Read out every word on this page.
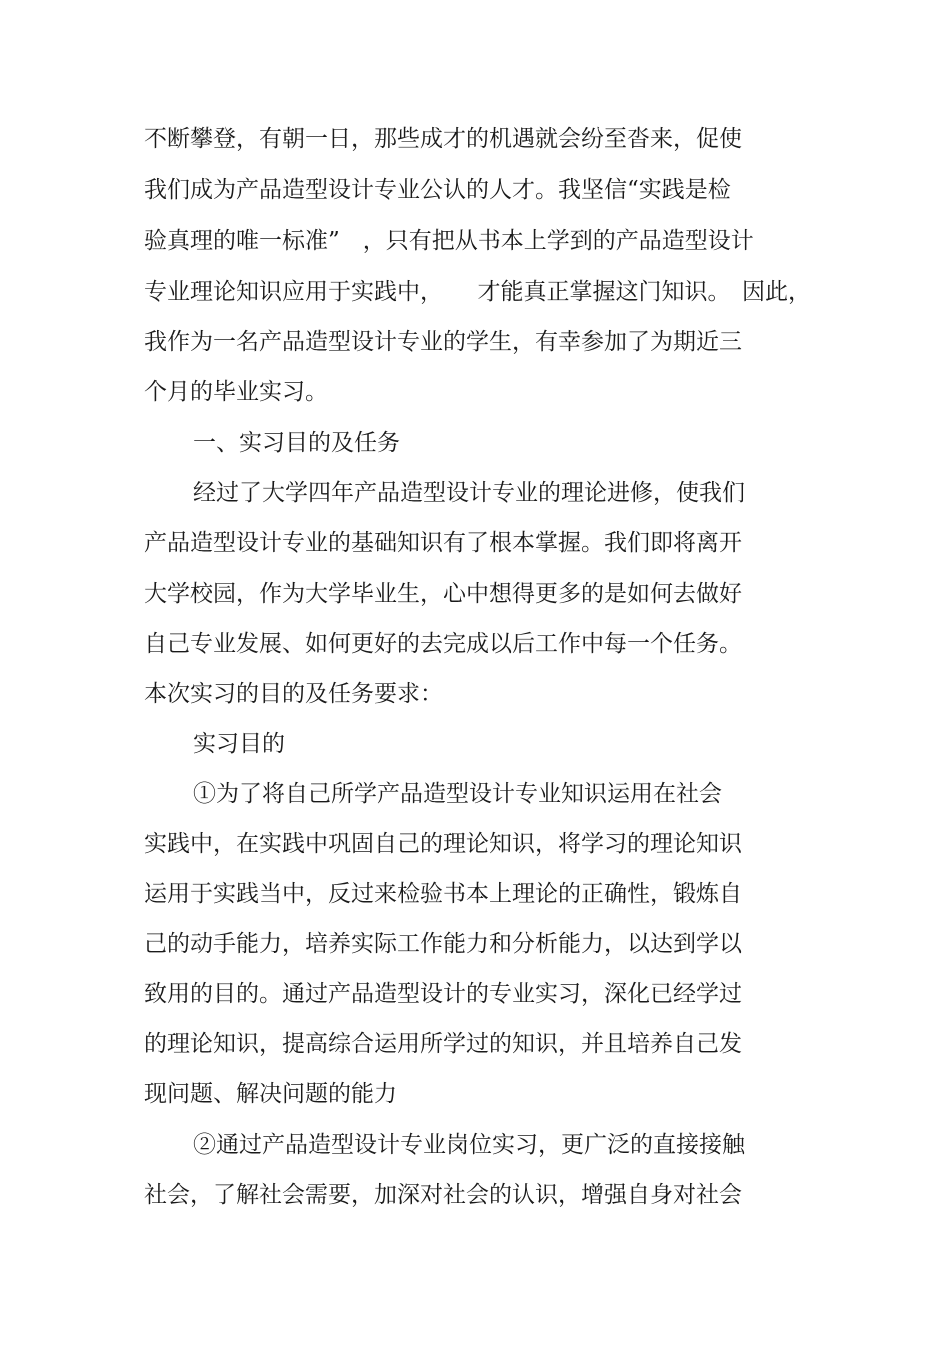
不断攀登，有朝一日，那些成才的机遇就会纷至沓来，促使
我们成为产品造型设计专业公认的人才。我坚信“实践是检
验真理的唯一标准”　，只有把从书本上学到的产品造型设计
专业理论知识应用于实践中，　　才能真正掌握这门知识。　因此，
我作为一名产品造型设计专业的学生，有幸参加了为期近三
个月的毕业实习。
一、实习目的及任务
经过了大学四年产品造型设计专业的理论进修，使我们
产品造型设计专业的基础知识有了根本掌握。我们即将离开
大学校园，作为大学毕业生，心中想得更多的是如何去做好
自己专业发展、如何更好的去完成以后工作中每一个任务。
本次实习的目的及任务要求：
实习目的
①为了将自己所学产品造型设计专业知识运用在社会
实践中，在实践中巩固自己的理论知识，将学习的理论知识
运用于实践当中，反过来检验书本上理论的正确性，锻炼自
己的动手能力，培养实际工作能力和分析能力，以达到学以
致用的目的。通过产品造型设计的专业实习，深化已经学过
的理论知识，提高综合运用所学过的知识，并且培养自己发
现问题、解决问题的能力
②通过产品造型设计专业岗位实习，更广泛的直接接触
社会，了解社会需要，加深对社会的认识，增强自身对社会
